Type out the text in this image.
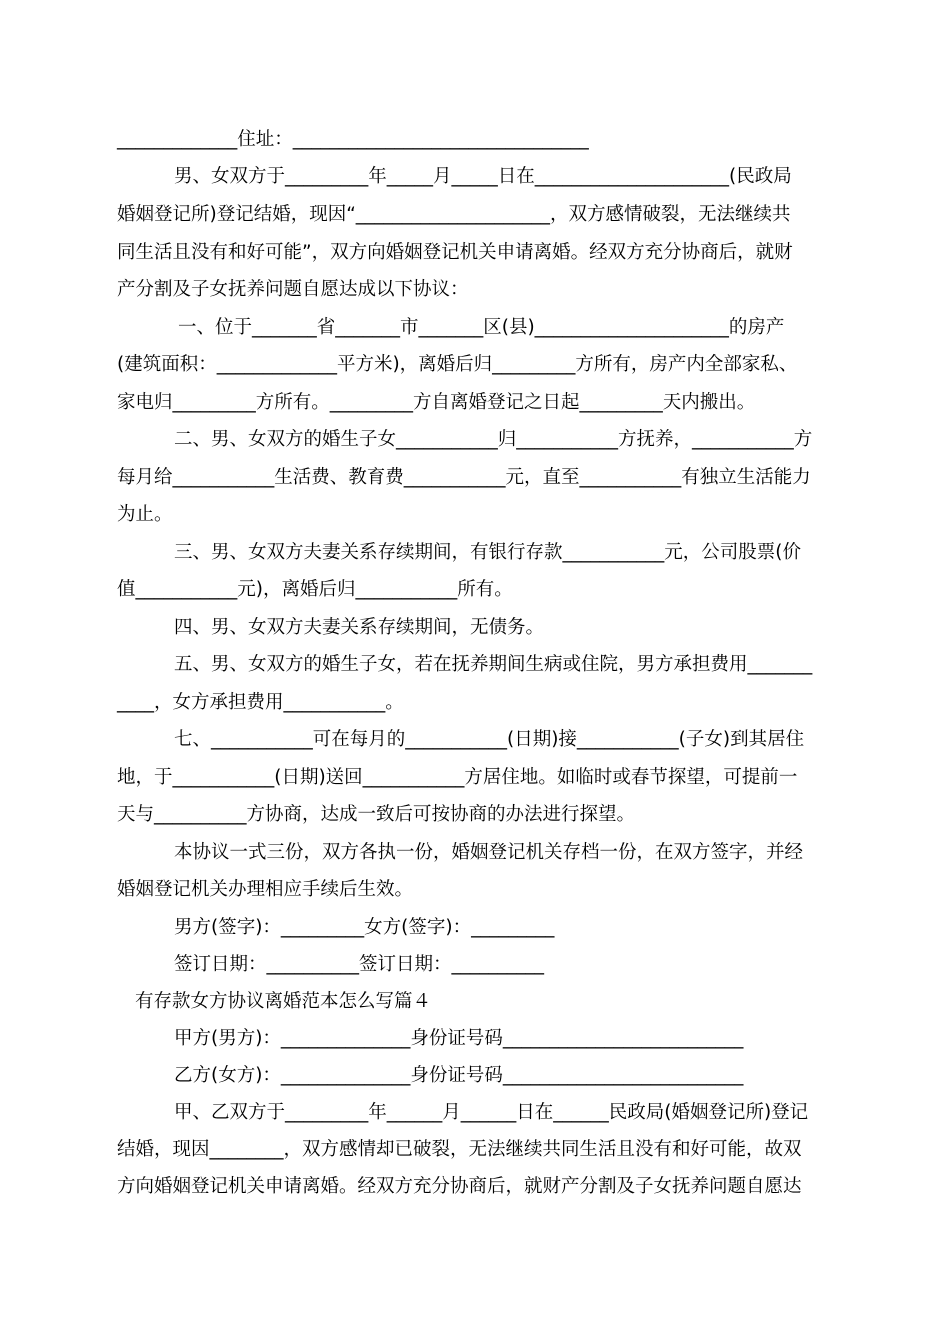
_____________住址：________________________________
男、女双方于_________年_____月_____日在_____________________(民政局
婚姻登记所)登记结婚，现因“_____________________，双方感情破裂，无法继续共
同生活且没有和好可能”，双方向婚姻登记机关申请离婚。经双方充分协商后，就财
产分割及子女抚养问题自愿达成以下协议：
一、位于_______省_______市_______区(县)_____________________的房产
(建筑面积：_____________平方米)，离婚后归_________方所有，房产内全部家私、
家电归_________方所有。_________方自离婚登记之日起_________天内搬出。
二、男、女双方的婚生子女___________归___________方抚养，___________方
每月给___________生活费、教育费___________元，直至___________有独立生活能力
为止。
三、男、女双方夫妻关系存续期间，有银行存款___________元，公司股票(价
值___________元)，离婚后归___________所有。
四、男、女双方夫妻关系存续期间，无债务。
五、男、女双方的婚生子女，若在抚养期间生病或住院，男方承担费用_______
____，女方承担费用___________。
七、___________可在每月的___________(日期)接___________(子女)到其居住
地，于___________(日期)送回___________方居住地。如临时或春节探望，可提前一
天与__________方协商，达成一致后可按协商的办法进行探望。
本协议一式三份，双方各执一份，婚姻登记机关存档一份，在双方签字，并经
婚姻登记机关办理相应手续后生效。
男方(签字)：_________女方(签字)：_________
签订日期：__________签订日期：__________
有存款女方协议离婚范本怎么写篇４
甲方(男方)：______________身份证号码__________________________
乙方(女方)：______________身份证号码__________________________
甲、乙双方于_________年______月______日在______民政局(婚姻登记所)登记
结婚，现因________，双方感情却已破裂，无法继续共同生活且没有和好可能，故双
方向婚姻登记机关申请离婚。经双方充分协商后，就财产分割及子女抚养问题自愿达
